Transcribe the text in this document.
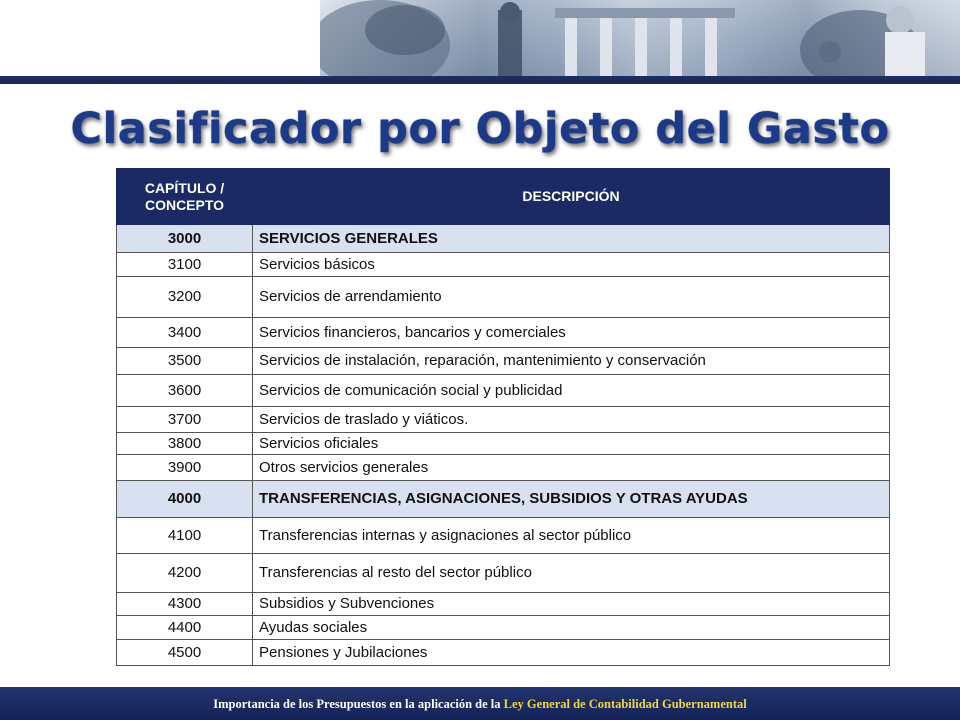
Clasificador por Objeto del Gasto
CAPÍTULO / CONCEPTO	DESCRIPCIÓN
3000	SERVICIOS GENERALES
3100	Servicios básicos
3200	Servicios de arrendamiento
3400	Servicios financieros, bancarios y comerciales
3500	Servicios de instalación, reparación, mantenimiento y conservación
3600	Servicios de comunicación social y publicidad
3700	Servicios de traslado y viáticos.
3800	Servicios oficiales
3900	Otros servicios generales
4000	TRANSFERENCIAS, ASIGNACIONES, SUBSIDIOS Y OTRAS AYUDAS
4100	Transferencias internas y asignaciones al sector público
4200	Transferencias al resto del sector público
4300	Subsidios y Subvenciones
4400	Ayudas sociales
4500	Pensiones y Jubilaciones
Importancia de los Presupuestos en la aplicación de la Ley General de Contabilidad Gubernamental
